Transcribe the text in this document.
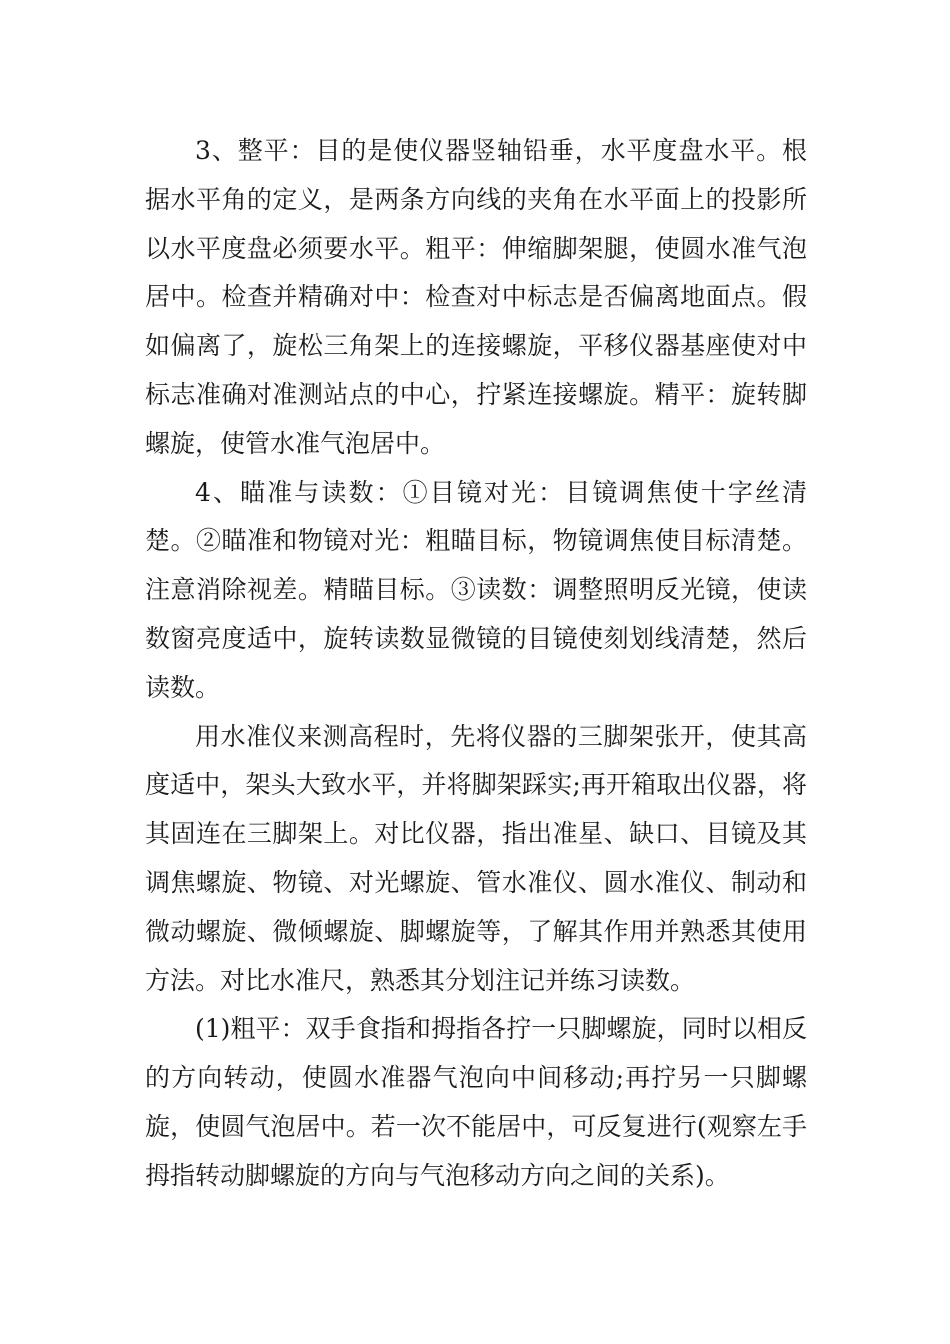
3、整平：目的是使仪器竖轴铅垂，水平度盘水平。根据水平角的定义，是两条方向线的夹角在水平面上的投影所以水平度盘必须要水平。粗平：伸缩脚架腿，使圆水准气泡居中。检查并精确对中：检查对中标志是否偏离地面点。假如偏离了，旋松三角架上的连接螺旋，平移仪器基座使对中标志准确对准测站点的中心，拧紧连接螺旋。精平：旋转脚螺旋，使管水准气泡居中。

4、瞄准与读数：①目镜对光：目镜调焦使十字丝清楚。②瞄准和物镜对光：粗瞄目标，物镜调焦使目标清楚。注意消除视差。精瞄目标。③读数：调整照明反光镜，使读数窗亮度适中，旋转读数显微镜的目镜使刻划线清楚，然后读数。

用水准仪来测高程时，先将仪器的三脚架张开，使其高度适中，架头大致水平，并将脚架踩实;再开箱取出仪器，将其固连在三脚架上。对比仪器，指出准星、缺口、目镜及其调焦螺旋、物镜、对光螺旋、管水准仪、圆水准仪、制动和微动螺旋、微倾螺旋、脚螺旋等，了解其作用并熟悉其使用方法。对比水准尺，熟悉其分划注记并练习读数。

(1)粗平：双手食指和拇指各拧一只脚螺旋，同时以相反的方向转动，使圆水准器气泡向中间移动;再拧另一只脚螺旋，使圆气泡居中。若一次不能居中，可反复进行(观察左手拇指转动脚螺旋的方向与气泡移动方向之间的关系)。
